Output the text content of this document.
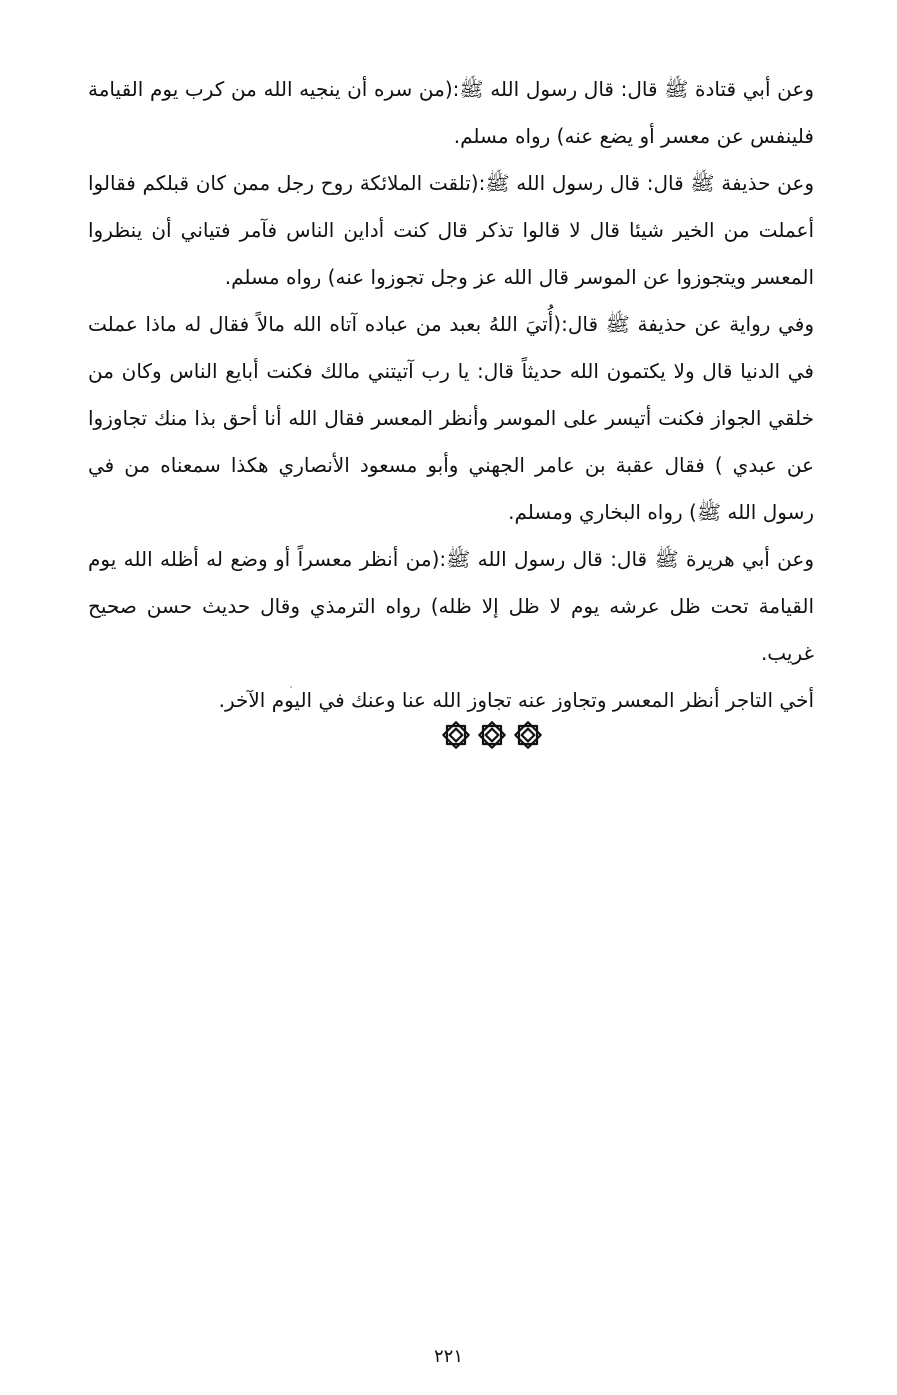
وعن أبي قتادة ﷺ قال: قال رسول الله ﷺ:(من سره أن ينجيه الله من كرب يوم القيامة فلينفس عن معسر أو يضع عنه) رواه مسلم.

وعن حذيفة ﷺ قال: قال رسول الله ﷺ:(تلقت الملائكة روح رجل ممن كان قبلكم فقالوا أعملت من الخير شيئا قال لا قالوا تذكر قال كنت أداين الناس فآمر فتياني أن ينظروا المعسر ويتجوزوا عن الموسر قال الله عز وجل تجوزوا عنه) رواه مسلم.

وفي رواية عن حذيفة ﷺ قال:(أُتيَ اللهُ بعبد من عباده آتاه الله مالاً فقال له ماذا عملت في الدنيا قال ولا يكتمون الله حديثاً قال: يا رب آتيتني مالك فكنت أبايع الناس وكان من خلقي الجواز فكنت أتيسر على الموسر وأنظر المعسر فقال الله أنا أحق بذا منك تجاوزوا عن عبدي ) فقال عقبة بن عامر الجهني وأبو مسعود الأنصاري هكذا سمعناه من في رسول الله ﷺ) رواه البخاري ومسلم.

وعن أبي هريرة ﷺ قال: قال رسول الله ﷺ:(من أنظر معسراً أو وضع له أظله الله يوم القيامة تحت ظل عرشه يوم لا ظل إلا ظله) رواه الترمذي وقال حديث حسن صحيح غريب.

أخي التاجر أنظر المعسر وتجاوز عنه تجاوز الله عنا وعنك في اليوم الآخر.

٢٢١
